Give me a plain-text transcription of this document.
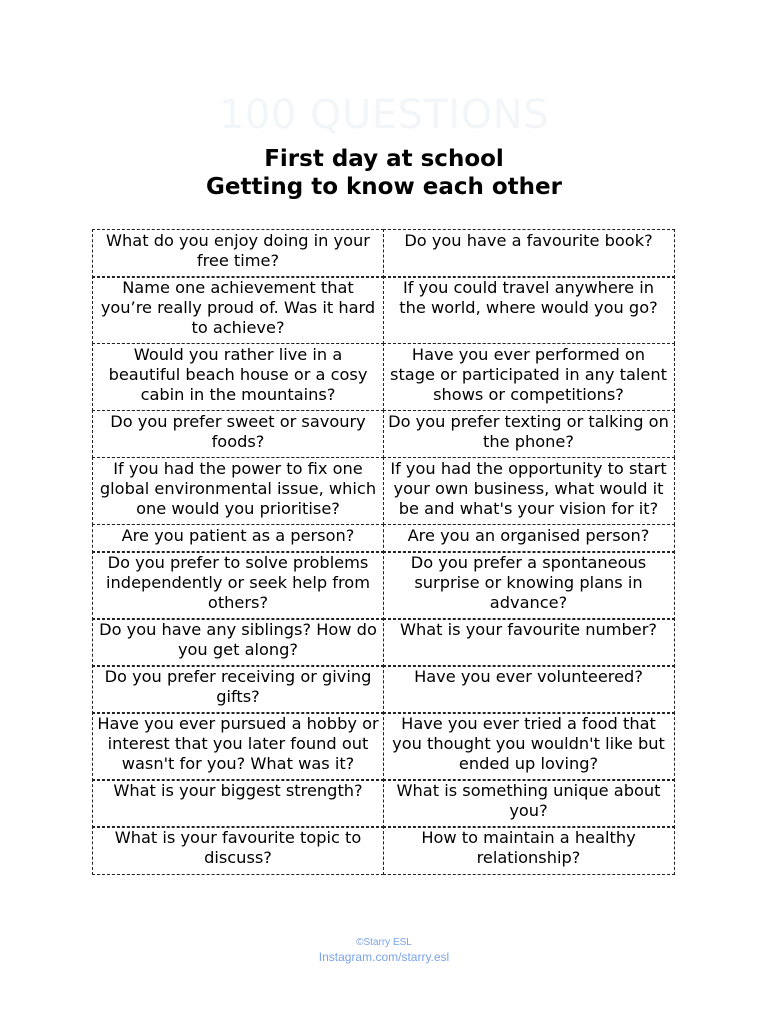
100 QUESTIONS
First day at school
Getting to know each other
What do you enjoy doing in your free time?
Do you have a favourite book?
Name one achievement that you’re really proud of. Was it hard to achieve?
If you could travel anywhere in the world, where would you go?
Would you rather live in a beautiful beach house or a cosy cabin in the mountains?
Have you ever performed on stage or participated in any talent shows or competitions?
Do you prefer sweet or savoury foods?
Do you prefer texting or talking on the phone?
If you had the power to fix one global environmental issue, which one would you prioritise?
If you had the opportunity to start your own business, what would it be and what's your vision for it?
Are you patient as a person?	Are you an organised person?
Do you prefer to solve problems independently or seek help from others?
Do you prefer a spontaneous surprise or knowing plans in advance?
Do you have any siblings? How do you get along?
What is your favourite number?
Do you prefer receiving or giving gifts?
Have you ever volunteered?
Have you ever pursued a hobby or interest that you later found out wasn't for you? What was it?
Have you ever tried a food that you thought you wouldn't like but ended up loving?
What is your biggest strength?	What is something unique about you?
What is your favourite topic to discuss?
How to maintain a healthy relationship?
©Starry ESL
Instagram.com/starry.esl
